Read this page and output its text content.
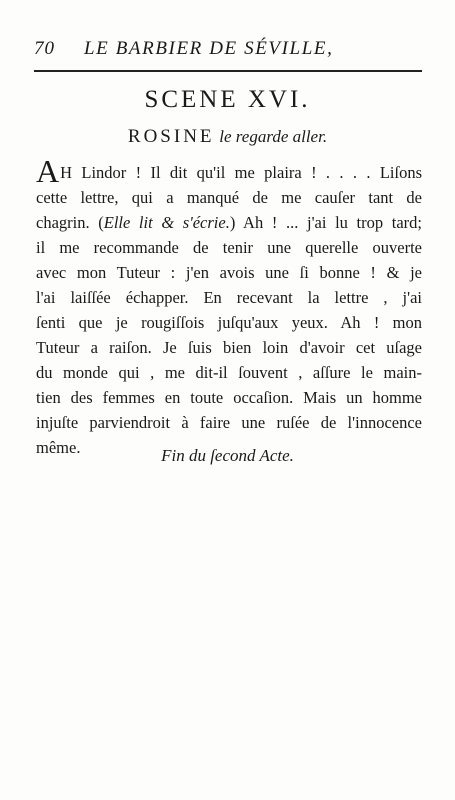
70	LE BARBIER DE SÉVILLE,
SCENE XVI.
ROSINE le regarde aller.
AH Lindor ! Il dit qu'il me plaira ! . . . . Liſons
cette lettre, qui a manqué de me cauſer tant de
chagrin. (Elle lit & s'écrie.) Ah ! ... j'ai lu trop tard;
il me recommande de tenir une querelle ouverte
avec mon Tuteur : j'en avois une ſi bonne ! & je
l'ai laiſſée échapper. En recevant la lettre , j'ai
ſenti que je rougiſſois juſqu'aux yeux. Ah ! mon
Tuteur a raiſon. Je ſuis bien loin d'avoir cet uſage
du monde qui , me dit-il ſouvent , aſſure le main-
tien des femmes en toute occaſion. Mais un homme
injuſte parviendroit à faire une ruſée de l'innocence
même.	Fin du ſecond Acte.
